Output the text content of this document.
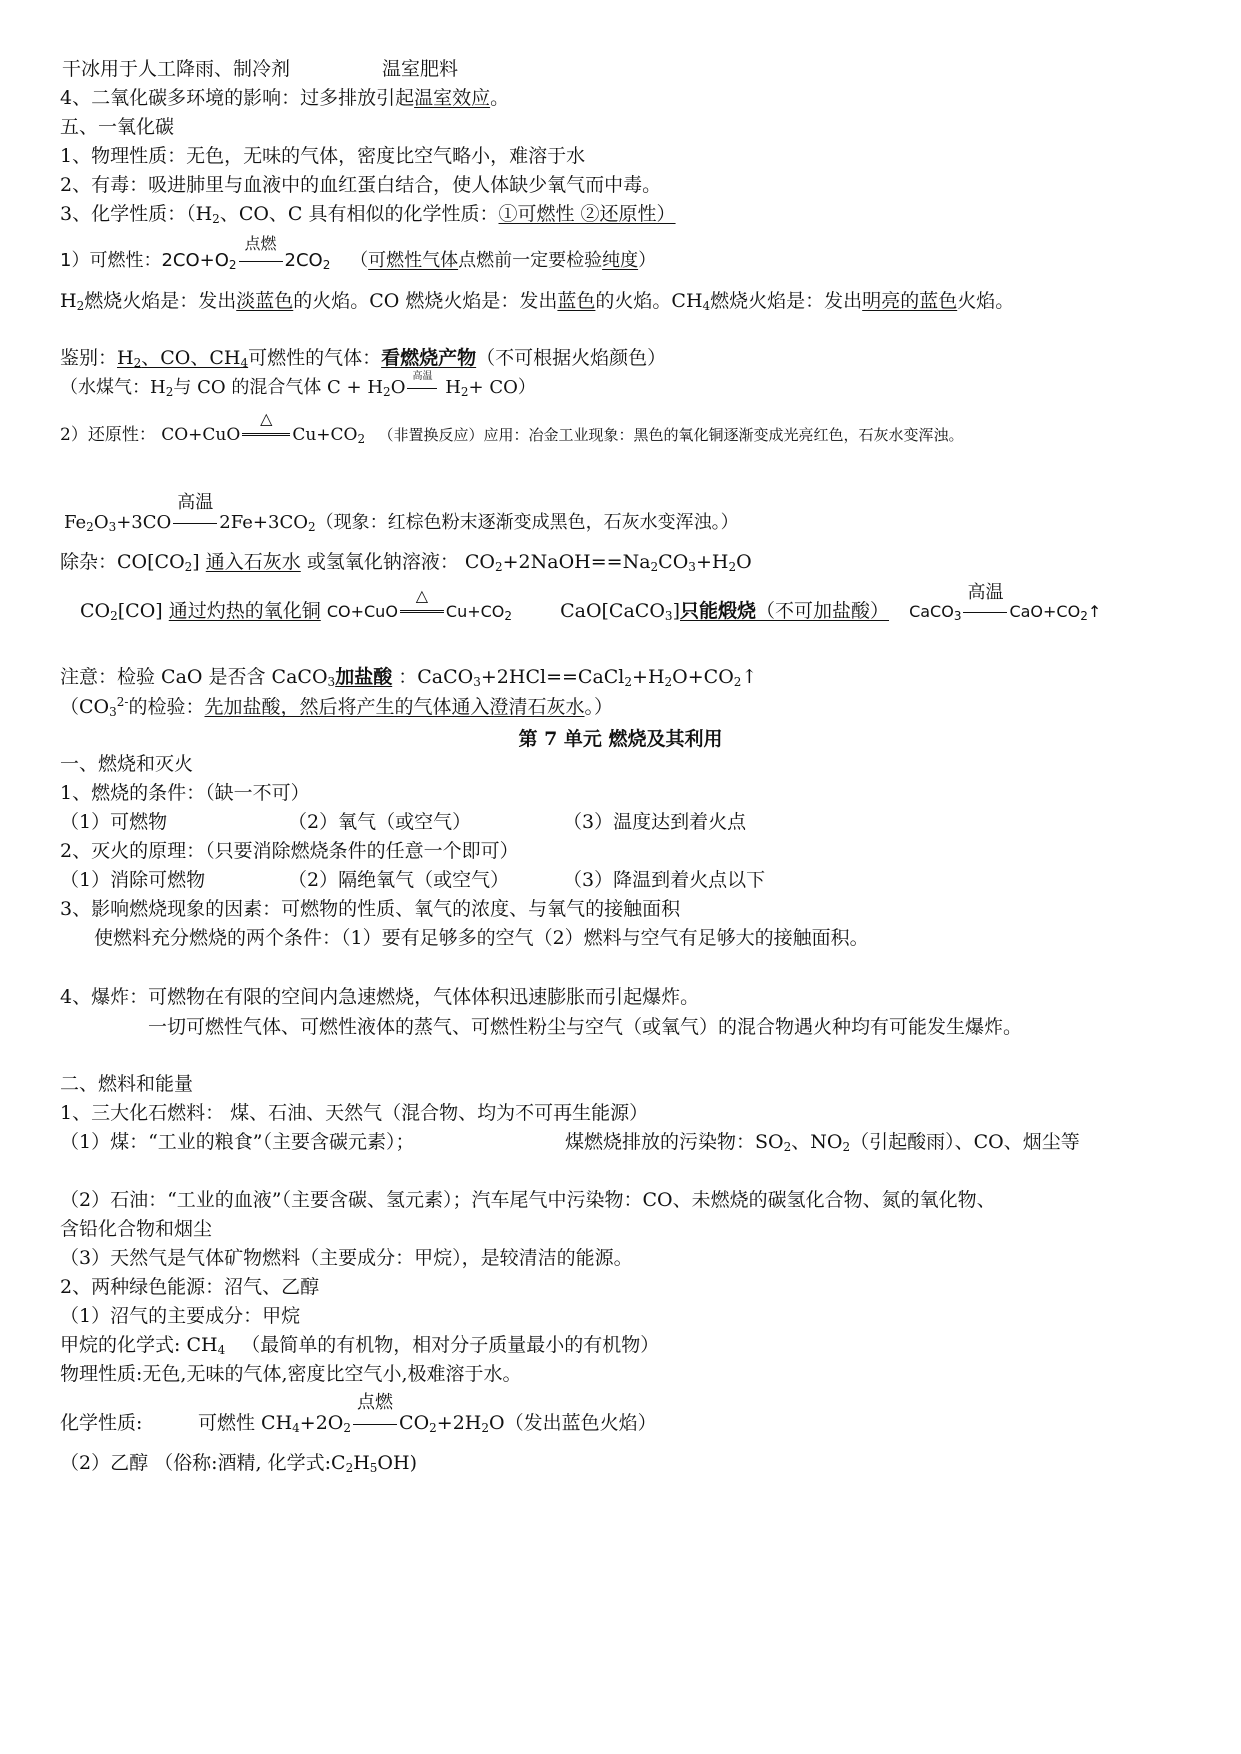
干冰用于人工降雨、制冷剂	温室肥料
4、二氧化碳多环境的影响：过多排放引起温室效应。
五、一氧化碳
1、物理性质：无色，无味的气体，密度比空气略小，难溶于水
2、有毒：吸进肺里与血液中的血红蛋白结合，使人体缺少氧气而中毒。
3、化学性质：（$H_2$、CO、C 具有相似的化学性质：①可燃性 ②还原性）
1）可燃性：$2CO+O_2$
点燃
$2CO_2$ （可燃性气体点燃前一定要检验纯度）
$H_2$燃烧火焰是：发出淡蓝色的火焰。CO 燃烧火焰是：发出蓝色的火焰。$CH_4$燃烧火焰是：发出明亮的蓝色火焰。
鉴别：$H_2$、CO、$CH_4$可燃性的气体：看燃烧产物（不可根据火焰颜色）
（水煤气：$H_2$与 CO 的混合气体 $C + H_2O$
高温
$H_2+ CO$）
2）还原性： CO+CuO
△
$Cu+CO_2$ （非置换反应）应用：冶金工业现象：黑色的氧化铜逐渐变成光亮红色，石灰水变浑浊。
$Fe_2O_3+3CO$
高温
$2Fe+3CO_2$（现象：红棕色粉末逐渐变成黑色，石灰水变浑浊。）
除杂：$CO[CO_2]$ 通入石灰水 或氢氧化钠溶液： $CO_2+2NaOH==Na_2CO_3+H_2O$
$CO_2[CO]$ 通过灼热的氧化铜 CO+CuO
△
$Cu+CO_2$	CaO[CaCO$_3$]只能煅烧（不可加盐酸） CaCO$_3$
高温
$CaO+CO_2↑$
注意：检验 CaO 是否含 CaCO$_3$加盐酸 ：$CaCO_3+2HCl==CaCl_2+H_2O+CO_2↑$
（$CO_3^{2-}$的检验：先加盐酸，然后将产生的气体通入澄清石灰水。）
第 7 单元 燃烧及其利用
一、燃烧和灭火
1、燃烧的条件：（缺一不可）
（1）可燃物	（2）氧气（或空气）	（3）温度达到着火点
2、灭火的原理：（只要消除燃烧条件的任意一个即可）
（1）消除可燃物	（2）隔绝氧气（或空气）	（3）降温到着火点以下
3、影响燃烧现象的因素：可燃物的性质、氧气的浓度、与氧气的接触面积
使燃料充分燃烧的两个条件：（1）要有足够多的空气（2）燃料与空气有足够大的接触面积。
4、爆炸：可燃物在有限的空间内急速燃烧，气体体积迅速膨胀而引起爆炸。
一切可燃性气体、可燃性液体的蒸气、可燃性粉尘与空气（或氧气）的混合物遇火种均有可能发生爆炸。
二、燃料和能量
1、三大化石燃料： 煤、石油、天然气（混合物、均为不可再生能源）
（1）煤：“工业的粮食”（主要含碳元素）；	煤燃烧排放的污染物：$SO_2$、$NO_2$（引起酸雨）、CO、烟尘等
（2）石油：“工业的血液”（主要含碳、氢元素）；汽车尾气中污染物：CO、未燃烧的碳氢化合物、氮的氧化物、
含铅化合物和烟尘
（3）天然气是气体矿物燃料（主要成分：甲烷），是较清洁的能源。
2、两种绿色能源：沼气、乙醇
（1）沼气的主要成分：甲烷
甲烷的化学式: $CH_4$ （最简单的有机物，相对分子质量最小的有机物）
物理性质:无色,无味的气体,密度比空气小,极难溶于水。
化学性质:	可燃性 $CH_4+2O_2$
点燃
$CO_2+2H_2O$（发出蓝色火焰）
（2）乙醇 （俗称:酒精, 化学式$:C_2H_5OH$)
